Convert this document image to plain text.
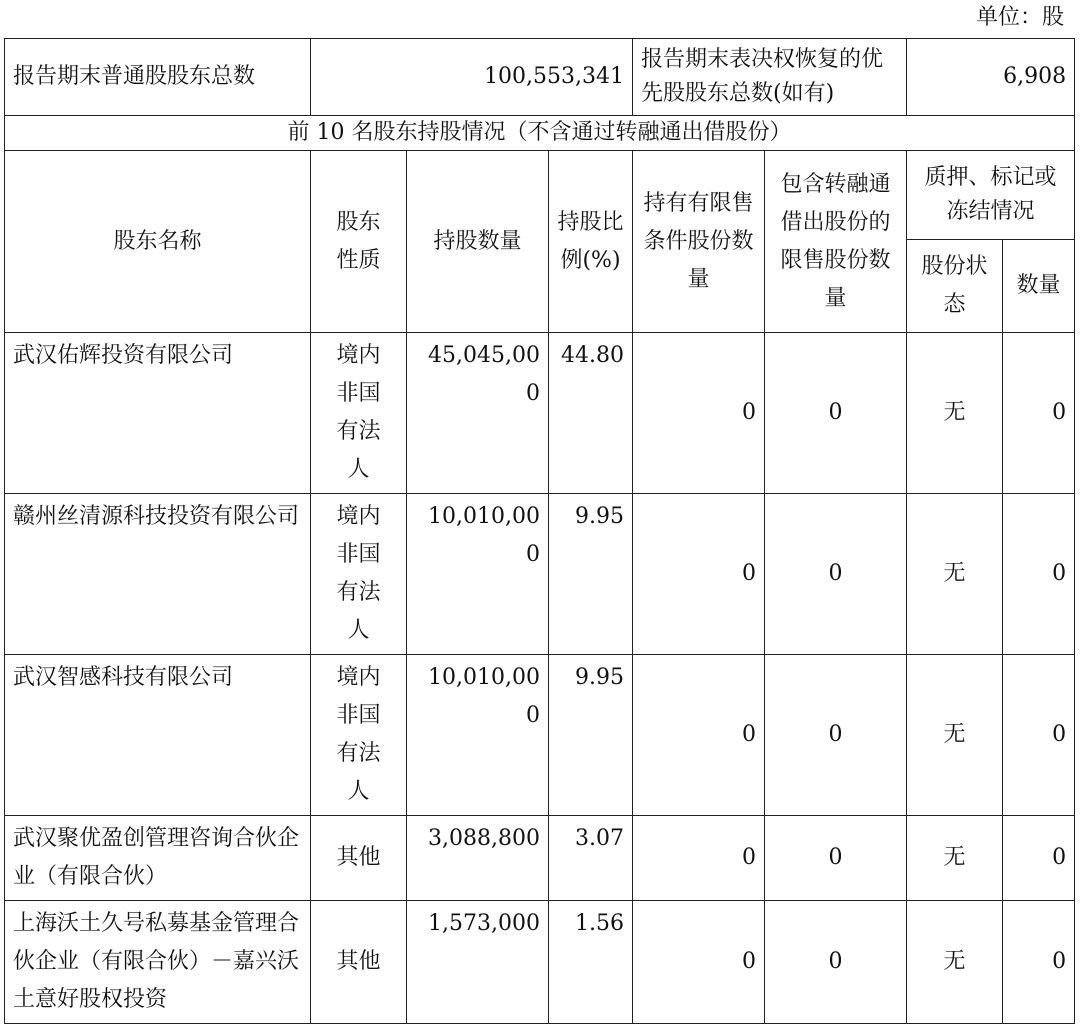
单位：股
报告期末普通股股东总数	100,553,341			报告期末表决权恢复的优先股股东总数(如有)		6,908	
前 10 名股东持股情况（不含通过转融通出借股份）							
股东名称	股东性质	持股数量	持股比例(%)	持有有限售条件股份数量	包含转融通借出股份的限售股份数量	质押、标记或冻结情况	
						股份状态	数量
武汉佑辉投资有限公司	境内非国有法人	45,045,000	44.80	0	0	无	0
赣州丝清源科技投资有限公司	境内非国有法人	10,010,000	9.95	0	0	无	0
武汉智感科技有限公司	境内非国有法人	10,010,000	9.95	0	0	无	0
武汉聚优盈创管理咨询合伙企业（有限合伙）	其他	3,088,800	3.07	0	0	无	0
上海沃土久号私募基金管理合伙企业（有限合伙）－嘉兴沃土意好股权投资	其他	1,573,000	1.56	0	0	无	0
